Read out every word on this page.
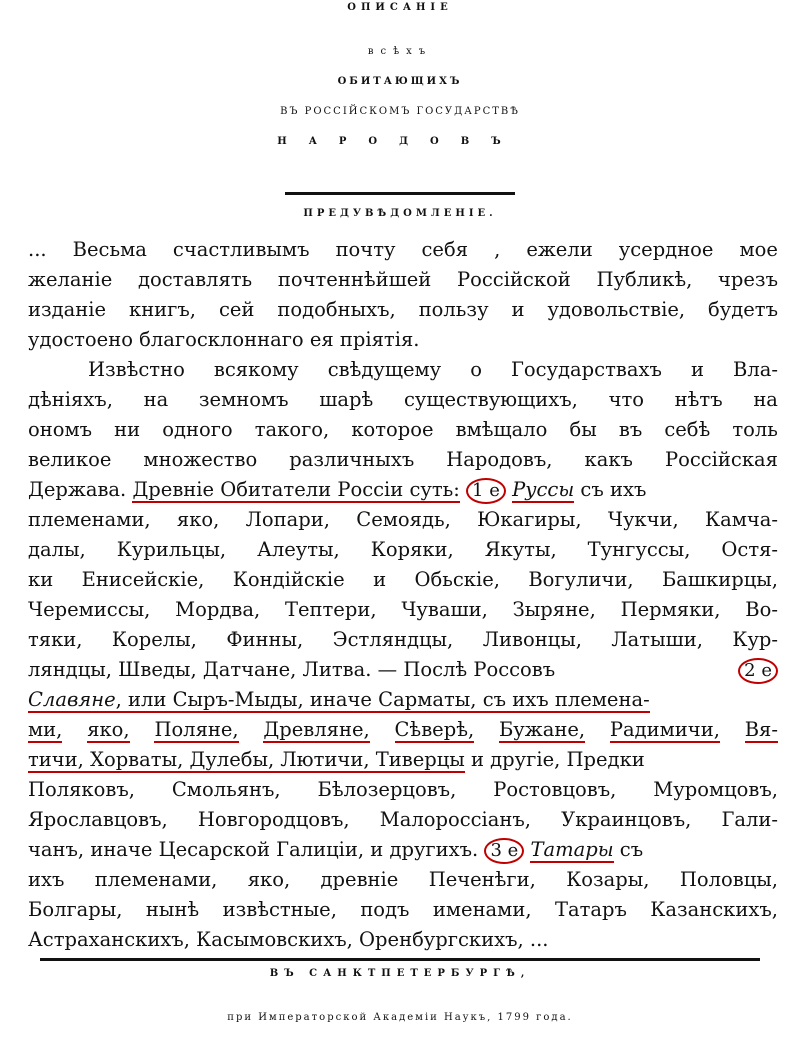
ОПИСАНІЕ
всѣхъ
ОБИТАЮЩИХЪ
ВЪ РОССІЙСКОМЪ ГОСУДАРСТВѢ
НАРОДОВЪ
ПРЕДУВѢДОМЛЕНІЕ.
... Весьма счастливымъ почту себя , ежели усердное мое
желаніе доставлять почтеннѣйшей Россійской Публикѣ, чрезъ
изданіе книгъ, сей подобныхъ, пользу и удовольствіе, будетъ
удостоено благосклоннаго ея пріятія.
Извѣстно всякому свѣдущему о Государствахъ и Вла-
дѣніяхъ, на земномъ шарѣ существующихъ, что нѣтъ на
ономъ ни одного такого, которое вмѣщало бы въ себѣ толь
великое множество различныхъ Народовъ, какъ Россійская
Держава. Древніе Обитатели Россіи суть:
1 е
Руссы съ ихъ
племенами, яко, Лопари, Семоядь, Юкагиры, Чукчи, Камча-
далы, Курильцы, Алеуты, Коряки, Якуты, Тунгуссы, Остя-
ки Енисейскіе, Кондійскіе и Обьскіе, Вогуличи, Башкирцы,
Черемиссы, Мордва, Тептери, Чуваши, Зыряне, Пермяки, Во-
тяки, Корелы, Финны, Эстляндцы, Ливонцы, Латыши, Кур-
ляндцы, Шведы, Датчане, Литва. — Послѣ Россовъ	2 е
Славяне , или Сыръ-Мыды, иначе Сарматы, съ ихъ племена-
ми, яко, Поляне, Древляне, Сѣверѣ, Бужане, Радимичи, Вя-
тичи, Хорваты, Дулебы, Лютичи, Тиверцы и другіе, Предки
Поляковъ, Смольянъ, Бѣлозерцовъ, Ростовцовъ, Муромцовъ,
Ярославцовъ, Новгородцовъ, Малороссіанъ, Украинцовъ, Гали-
чанъ, иначе Цесарской Галиціи, и другихъ. 3 е
Татары съ
ихъ племенами, яко, древніе Печенѣги, Козары, Половцы,
Болгары, нынѣ извѣстные, подъ именами, Татаръ Казанскихъ,
Астраханскихъ, Касымовскихъ, Оренбургскихъ, ...
ВЪ САНКТПЕТЕРБУРГѢ,
при Императорской Академіи Наукъ, 1799 года.
